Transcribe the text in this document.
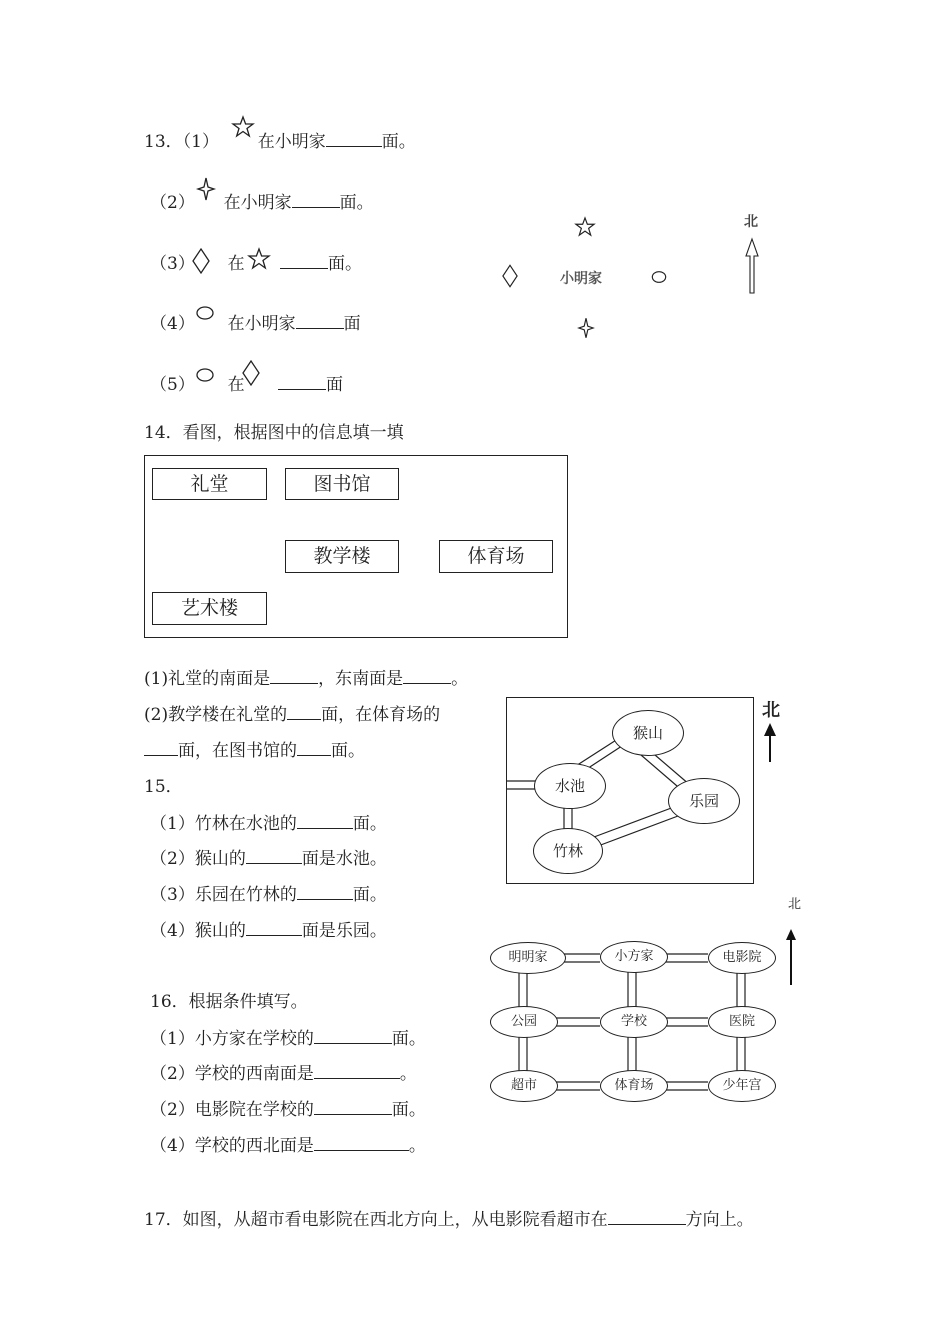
13．（1） 在小明家	面。
（2） 在小明家	面。
（3） 在	面。
（4） 在小明家	面
（5） 在	面
小明家
北
14．看图，根据图中的信息填一填
礼堂	图书馆
教学楼	体育场
艺术楼
(1)礼堂的南面是	，东南面是	。
(2)教学楼在礼堂的 面，在体育场的
面，在图书馆的 面。
15．
（1）竹林在水池的	面。
（2）猴山的	面是水池。
（3）乐园在竹林的	面。
（4）猴山的	面是乐园。
猴山
水池
乐园
竹林
北
16．根据条件填写。
（1）小方家在学校的	面。
（2）学校的西南面是	。
（2）电影院在学校的	面。
（4）学校的西北面是	。
明明家	小方家	电影院
公园	学校	医院
超市	体育场	少年宫
北
17．如图，从超市看电影院在西北方向上，从电影院看超市在	方向上。
